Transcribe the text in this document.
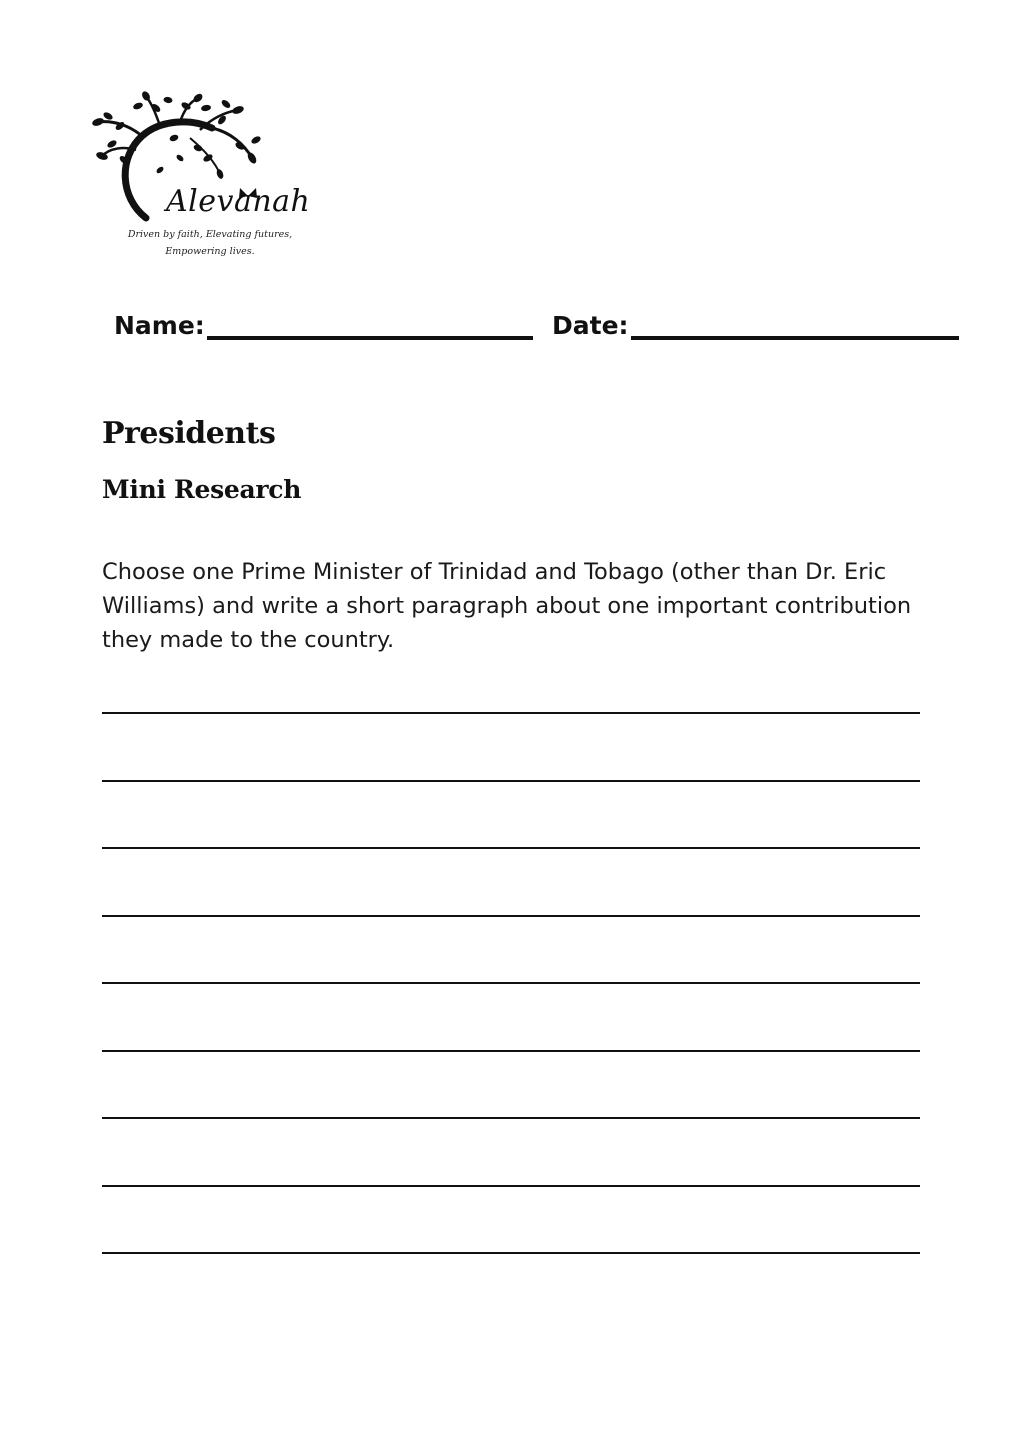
Alevanah
Driven by faith, Elevating futures,
Empowering lives.
Name:	Date:
Presidents
Mini Research

Choose one Prime Minister of Trinidad and Tobago (other than Dr. Eric Williams) and write a short paragraph about one important contribution they made to the country.
